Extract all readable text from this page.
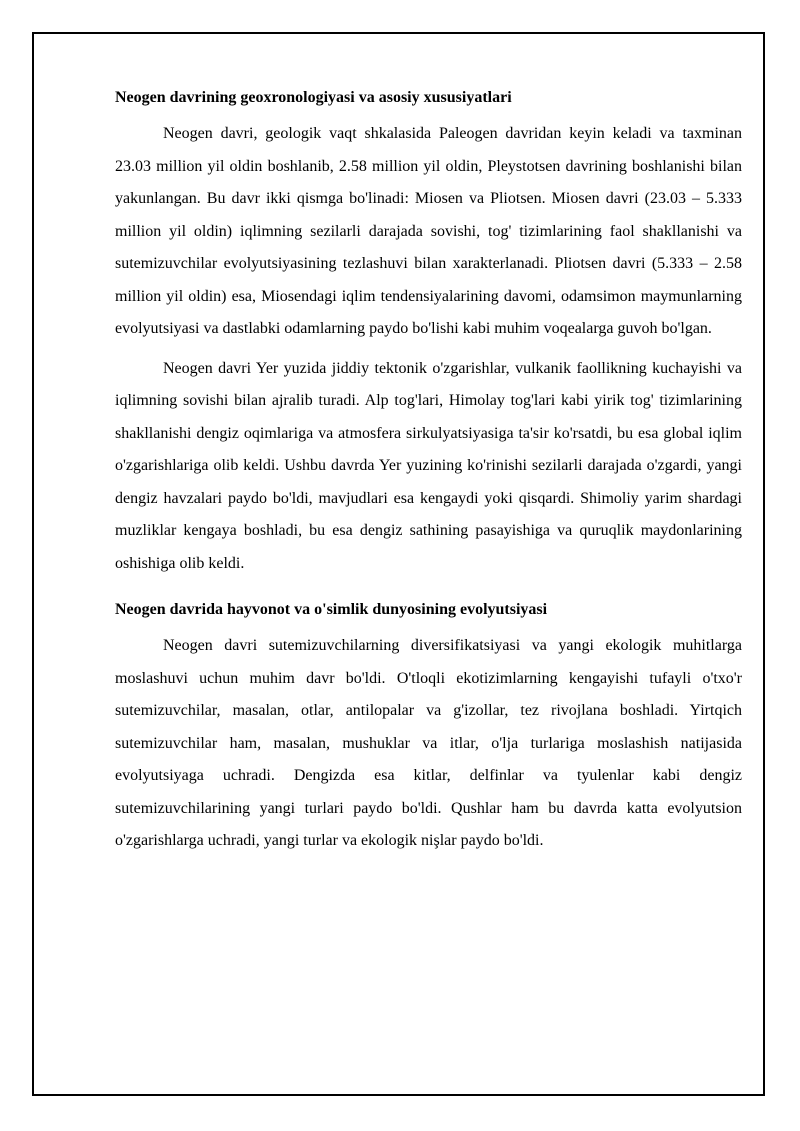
Neogen davrining geoxronologiyasi va asosiy xususiyatlari

Neogen davri, geologik vaqt shkalasida Paleogen davridan keyin keladi va taxminan 23.03 million yil oldin boshlanib, 2.58 million yil oldin, Pleystotsen davrining boshlanishi bilan yakunlangan. Bu davr ikki qismga bo'linadi: Miosen va Pliotsen. Miosen davri (23.03 – 5.333 million yil oldin) iqlimning sezilarli darajada sovishi, tog' tizimlarining faol shakllanishi va sutemizuvchilar evolyutsiyasining tezlashuvi bilan xarakterlanadi. Pliotsen davri (5.333 – 2.58 million yil oldin) esa, Miosendagi iqlim tendensiyalarining davomi, odamsimon maymunlarning evolyutsiyasi va dastlabki odamlarning paydo bo'lishi kabi muhim voqealarga guvoh bo'lgan.

Neogen davri Yer yuzida jiddiy tektonik o'zgarishlar, vulkanik faollikning kuchayishi va iqlimning sovishi bilan ajralib turadi. Alp tog'lari, Himolay tog'lari kabi yirik tog' tizimlarining shakllanishi dengiz oqimlariga va atmosfera sirkulyatsiyasiga ta'sir ko'rsatdi, bu esa global iqlim o'zgarishlariga olib keldi. Ushbu davrda Yer yuzining ko'rinishi sezilarli darajada o'zgardi, yangi dengiz havzalari paydo bo'ldi, mavjudlari esa kengaydi yoki qisqardi. Shimoliy yarim shardagi muzliklar kengaya boshladi, bu esa dengiz sathining pasayishiga va quruqlik maydonlarining oshishiga olib keldi.

Neogen davrida hayvonot va o'simlik dunyosining evolyutsiyasi

Neogen davri sutemizuvchilarning diversifikatsiyasi va yangi ekologik muhitlarga moslashuvi uchun muhim davr bo'ldi. O'tloqli ekotizimlarning kengayishi tufayli o'txo'r sutemizuvchilar, masalan, otlar, antilopalar va g'izollar, tez rivojlana boshladi. Yirtqich sutemizuvchilar ham, masalan, mushuklar va itlar, o'lja turlariga moslashish natijasida evolyutsiyaga uchradi. Dengizda esa kitlar, delfinlar va tyulenlar kabi dengiz sutemizuvchilarining yangi turlari paydo bo'ldi. Qushlar ham bu davrda katta evolyutsion o'zgarishlarga uchradi, yangi turlar va ekologik nişlar paydo bo'ldi.
